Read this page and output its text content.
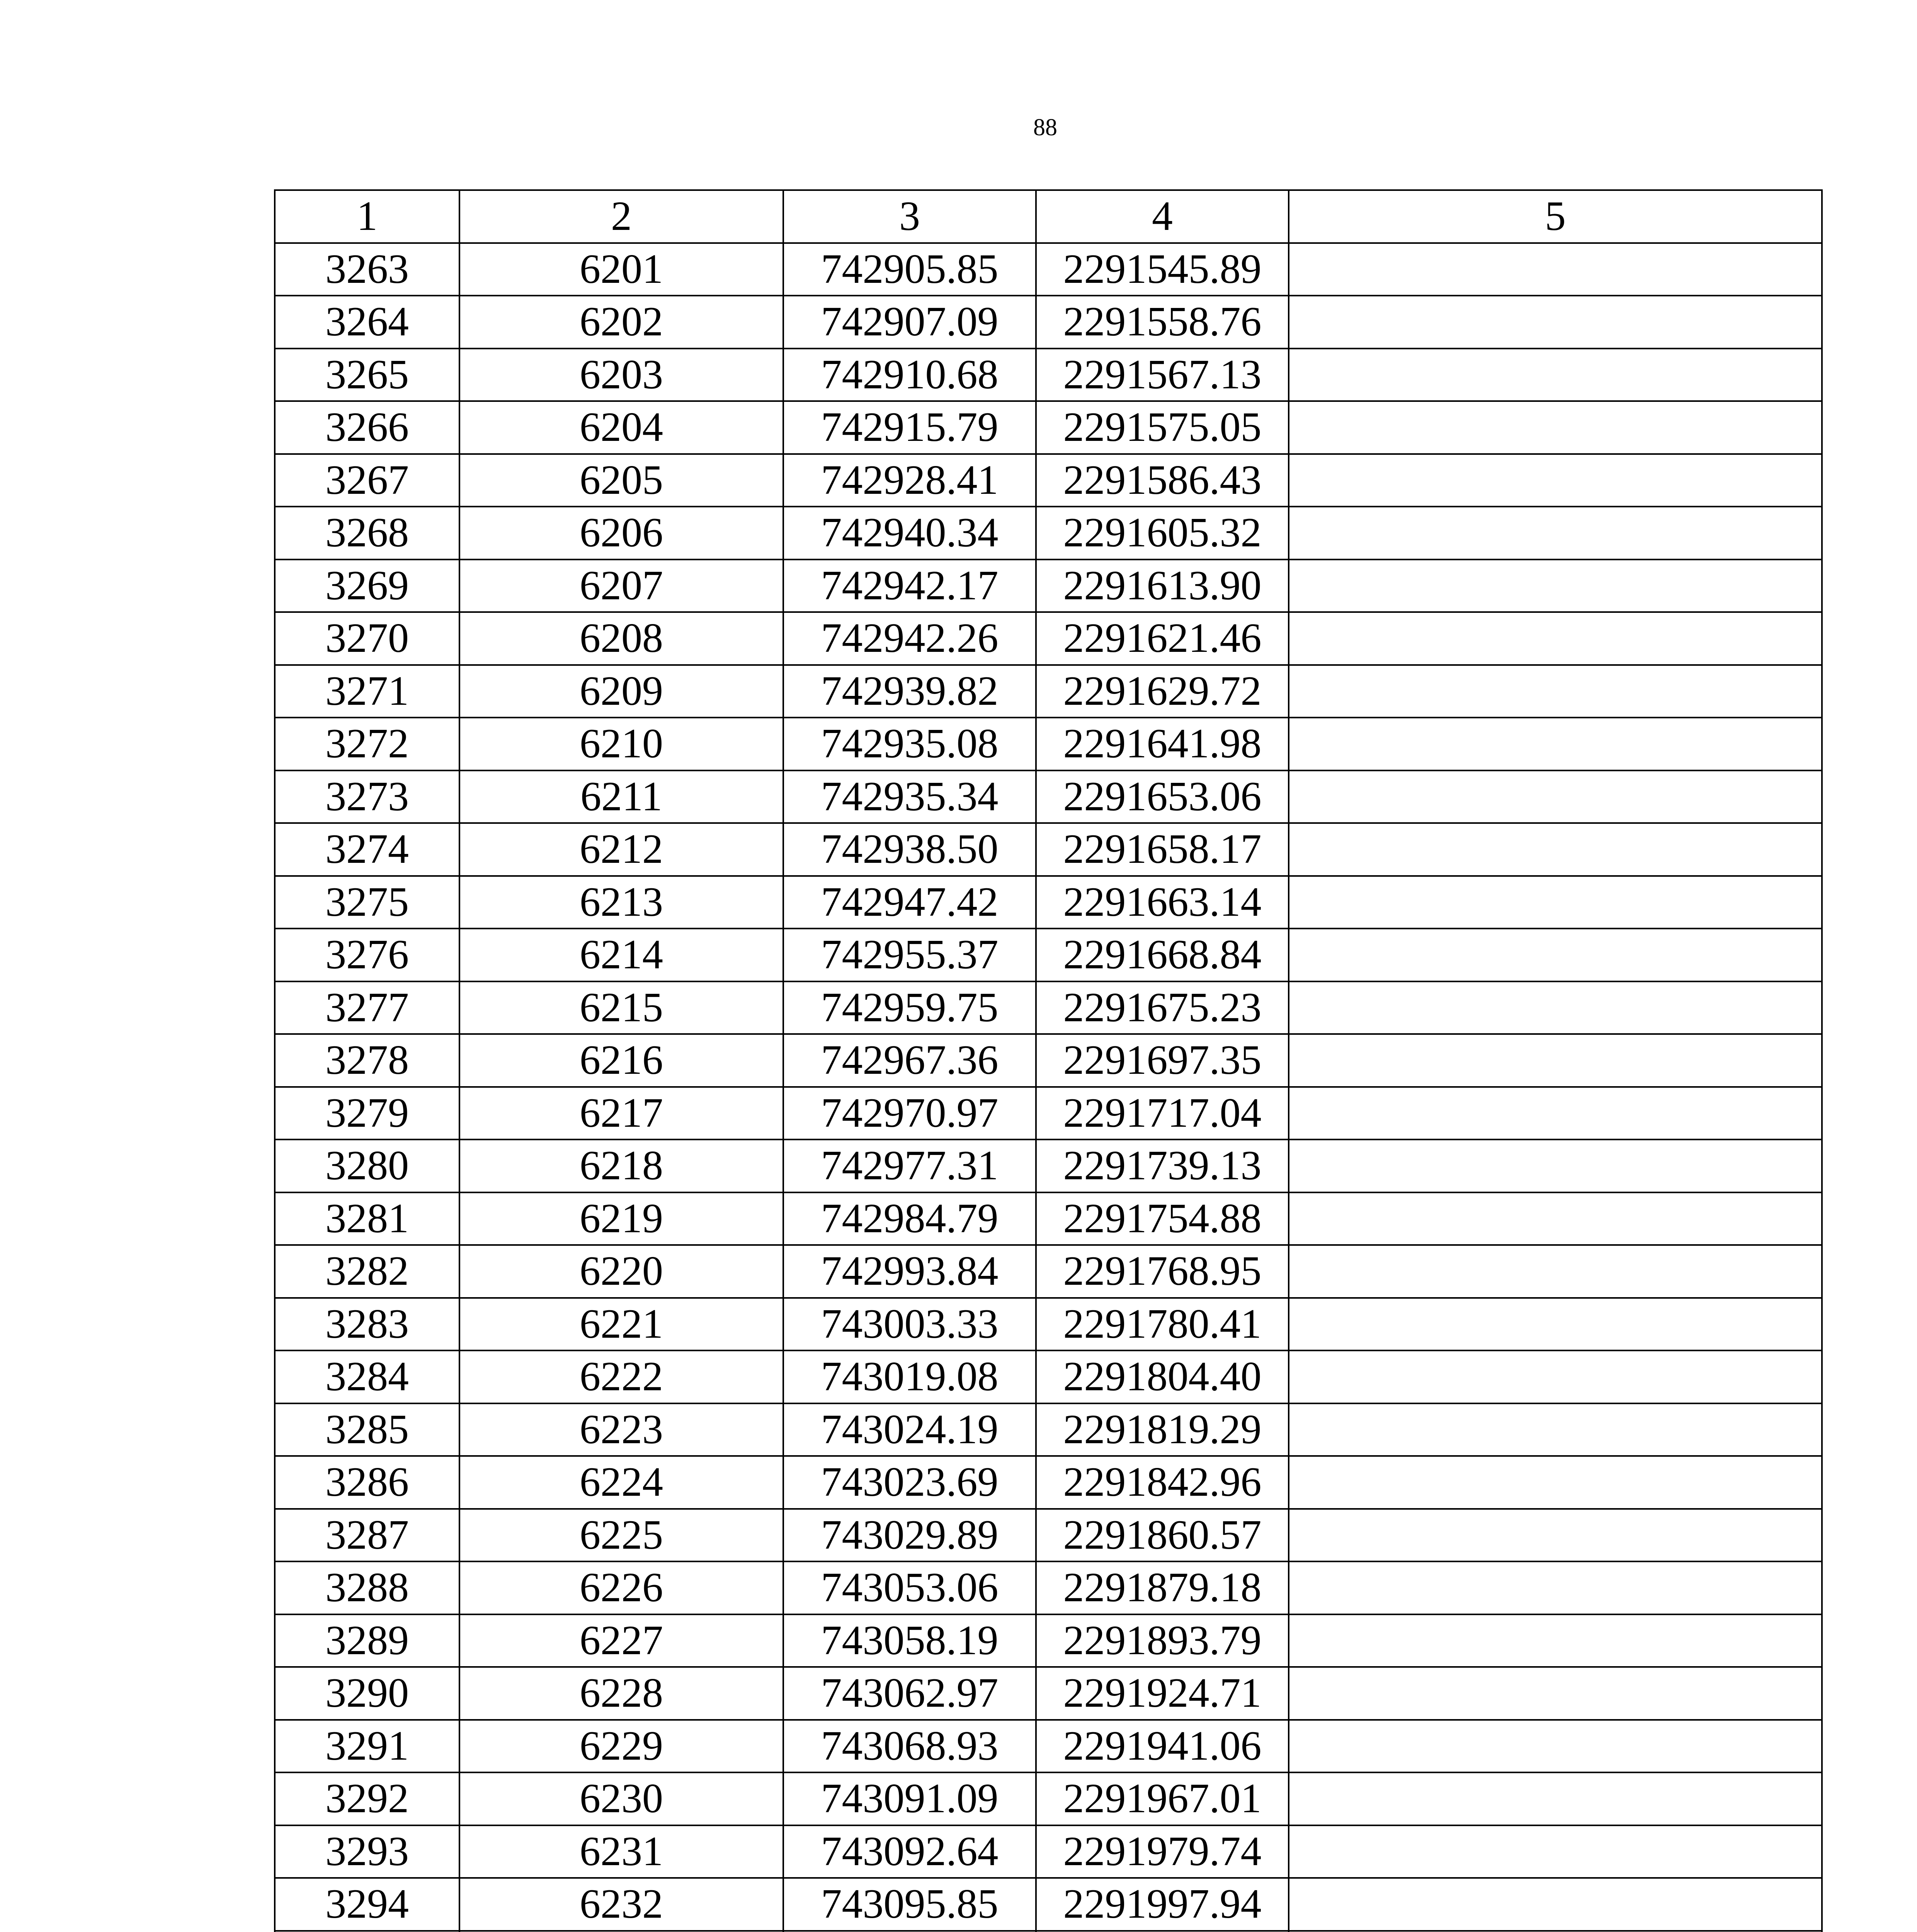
88
1	2	3	4	5
3263	6201	742905.85	2291545.89	
3264	6202	742907.09	2291558.76	
3265	6203	742910.68	2291567.13	
3266	6204	742915.79	2291575.05	
3267	6205	742928.41	2291586.43	
3268	6206	742940.34	2291605.32	
3269	6207	742942.17	2291613.90	
3270	6208	742942.26	2291621.46	
3271	6209	742939.82	2291629.72	
3272	6210	742935.08	2291641.98	
3273	6211	742935.34	2291653.06	
3274	6212	742938.50	2291658.17	
3275	6213	742947.42	2291663.14	
3276	6214	742955.37	2291668.84	
3277	6215	742959.75	2291675.23	
3278	6216	742967.36	2291697.35	
3279	6217	742970.97	2291717.04	
3280	6218	742977.31	2291739.13	
3281	6219	742984.79	2291754.88	
3282	6220	742993.84	2291768.95	
3283	6221	743003.33	2291780.41	
3284	6222	743019.08	2291804.40	
3285	6223	743024.19	2291819.29	
3286	6224	743023.69	2291842.96	
3287	6225	743029.89	2291860.57	
3288	6226	743053.06	2291879.18	
3289	6227	743058.19	2291893.79	
3290	6228	743062.97	2291924.71	
3291	6229	743068.93	2291941.06	
3292	6230	743091.09	2291967.01	
3293	6231	743092.64	2291979.74	
3294	6232	743095.85	2291997.94	
